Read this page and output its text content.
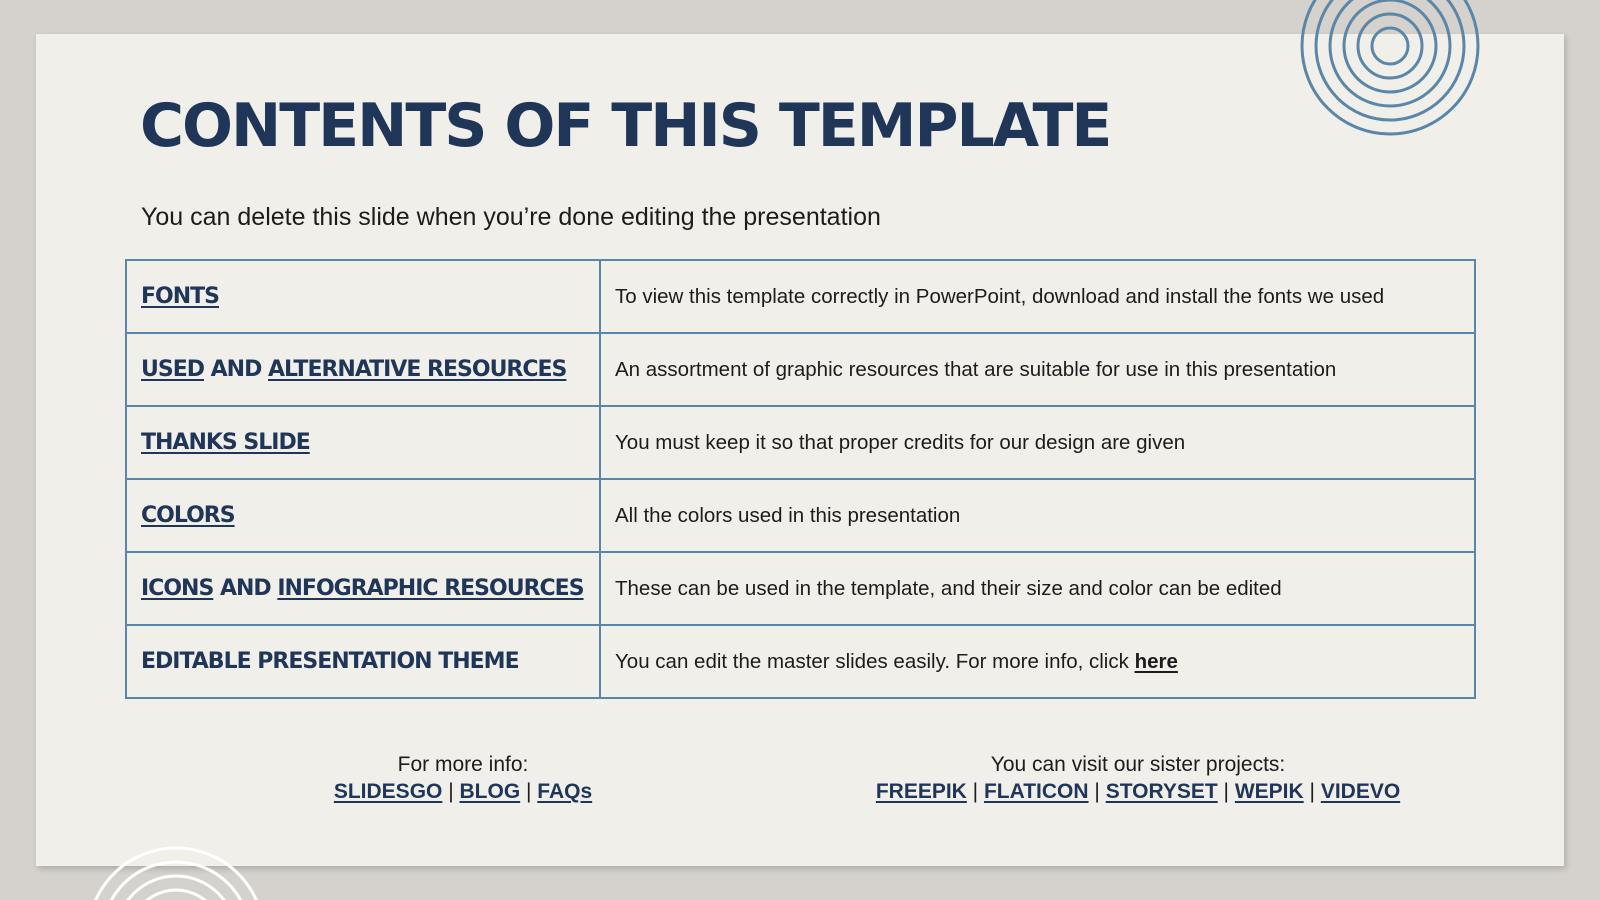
CONTENTS OF THIS TEMPLATE

You can delete this slide when you’re done editing the presentation

FONTS	To view this template correctly in PowerPoint, download and install the fonts we used
USED AND ALTERNATIVE RESOURCES	An assortment of graphic resources that are suitable for use in this presentation
THANKS SLIDE	You must keep it so that proper credits for our design are given
COLORS	All the colors used in this presentation
ICONS AND INFOGRAPHIC RESOURCES	These can be used in the template, and their size and color can be edited
EDITABLE PRESENTATION THEME	You can edit the master slides easily. For more info, click here
For more info:
SLIDESGO | BLOG | FAQs
You can visit our sister projects:
FREEPIK | FLATICON | STORYSET | WEPIK | VIDEVO
